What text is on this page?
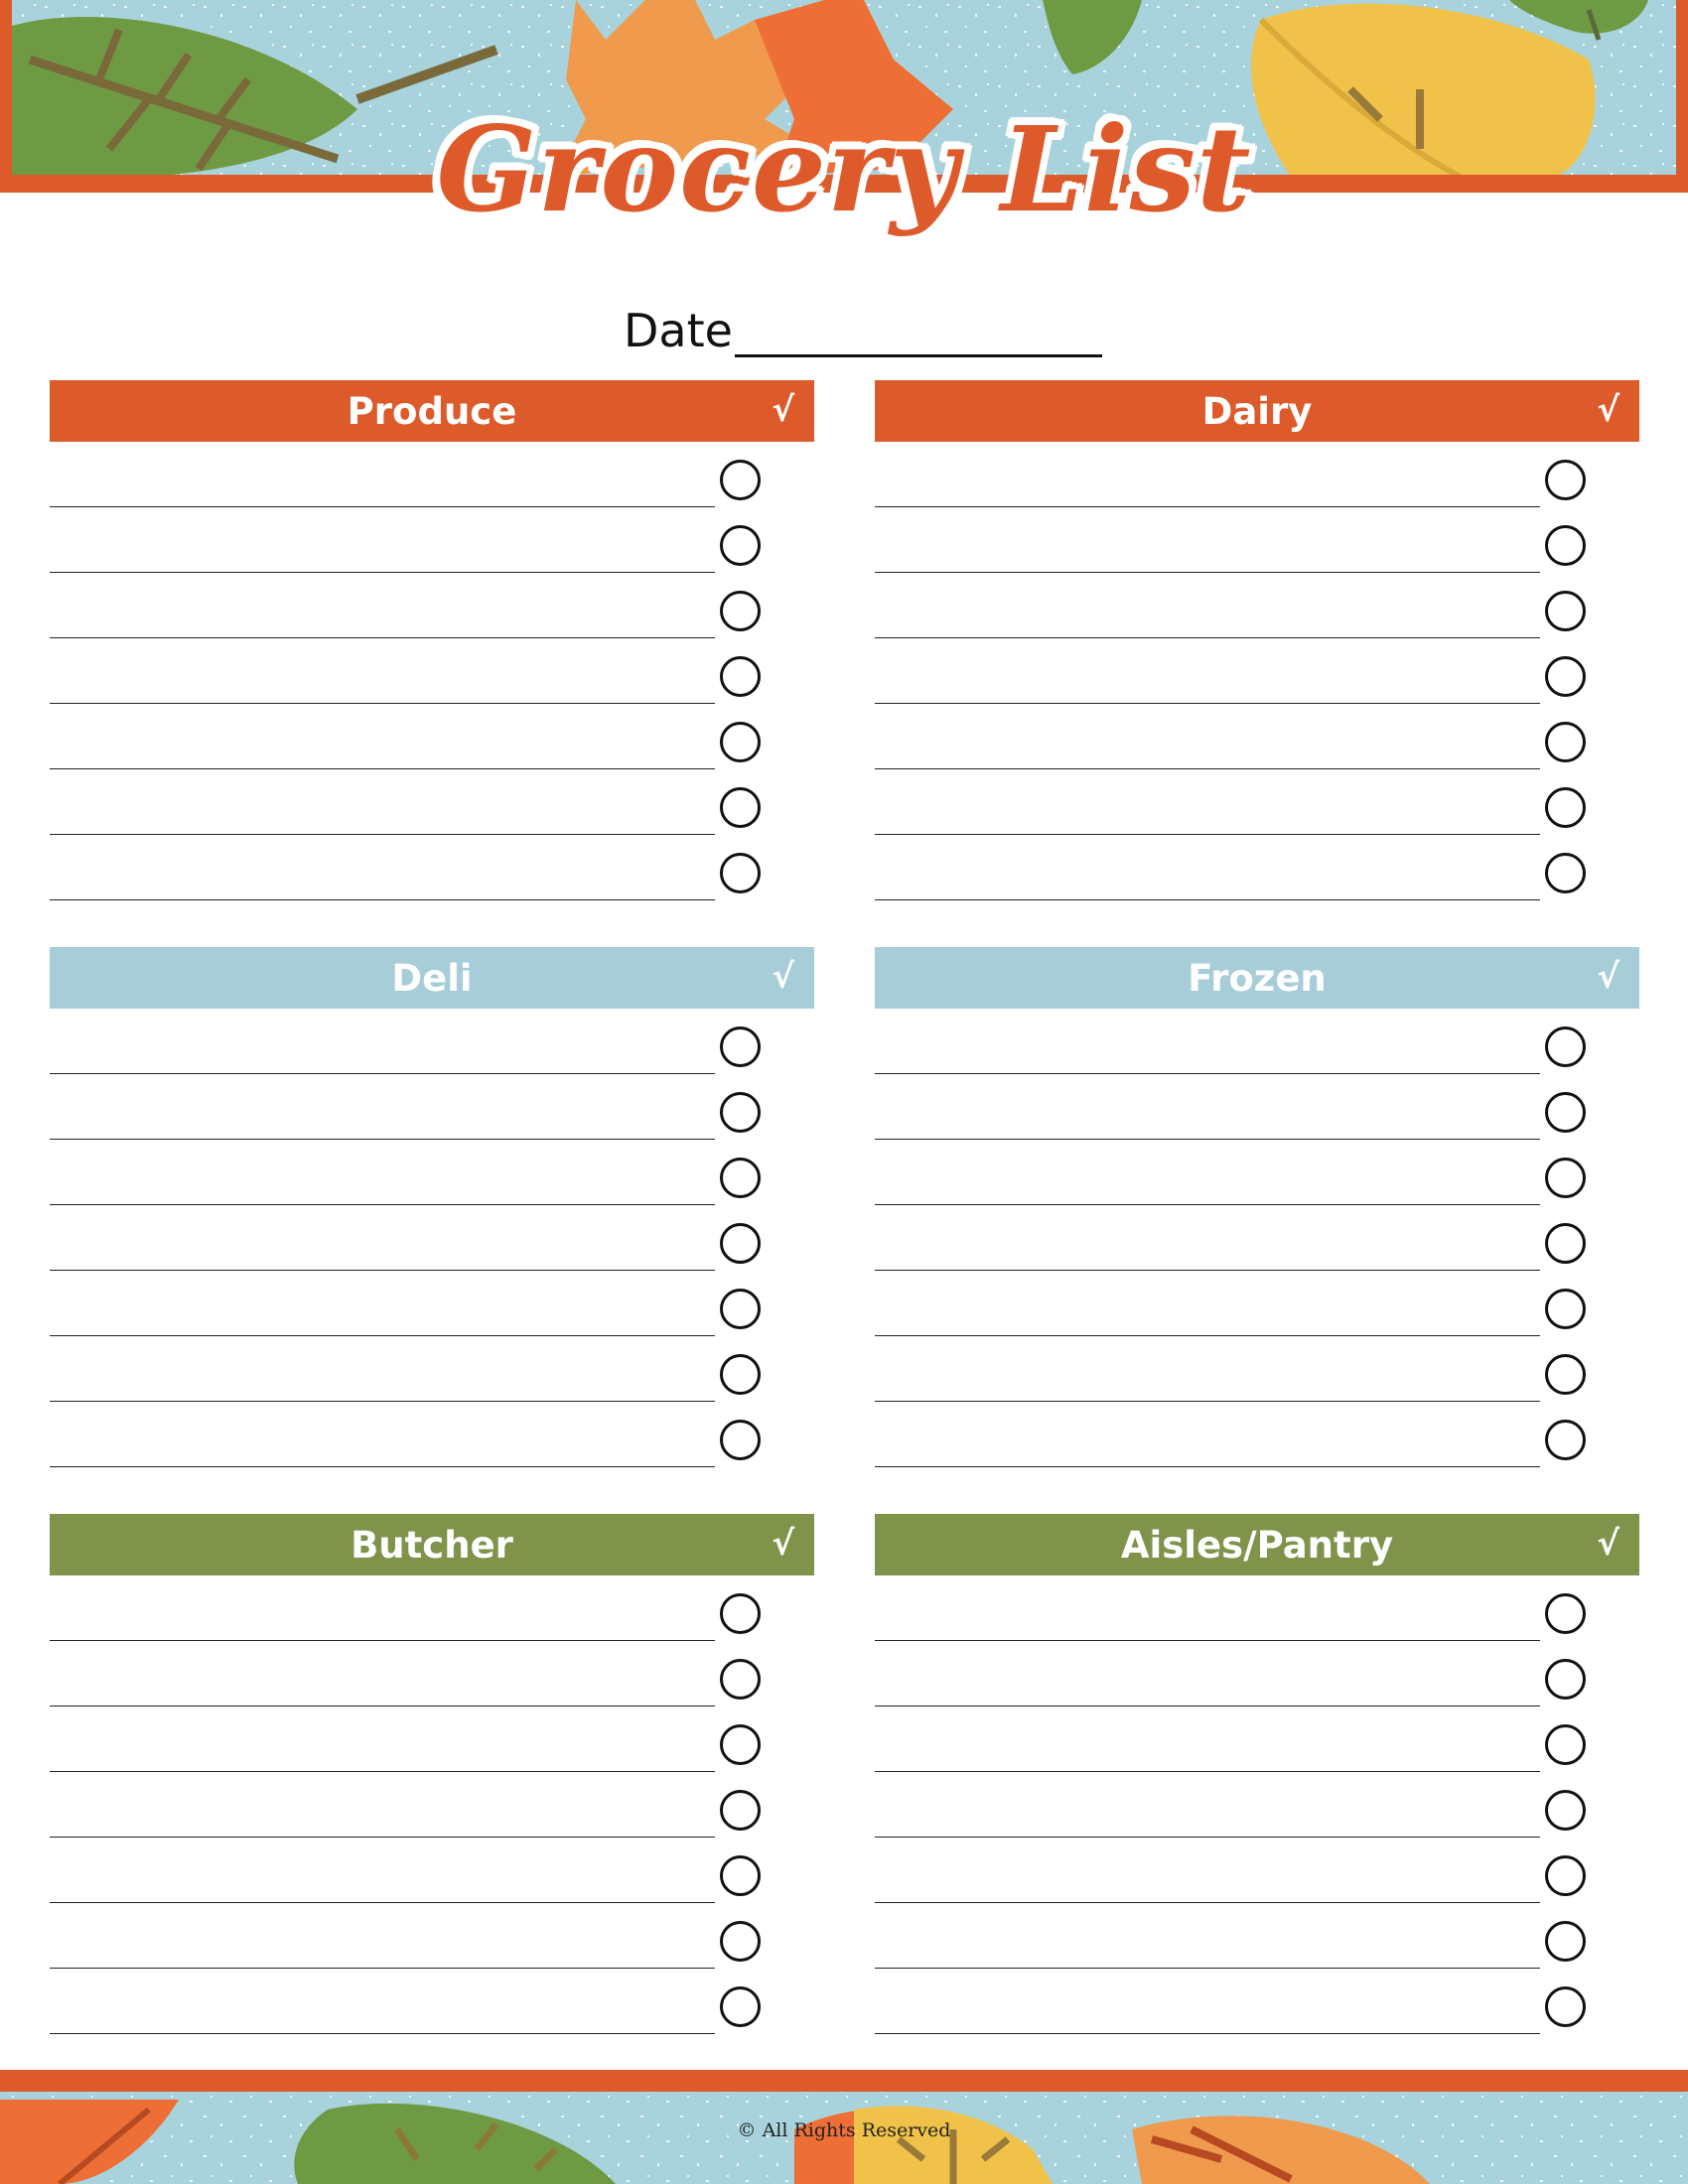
Grocery List
Date
Produce	√	Dairy	√
Deli	√	Frozen	√
Butcher	√	Aisles/Pantry	√
© All Rights Reserved
